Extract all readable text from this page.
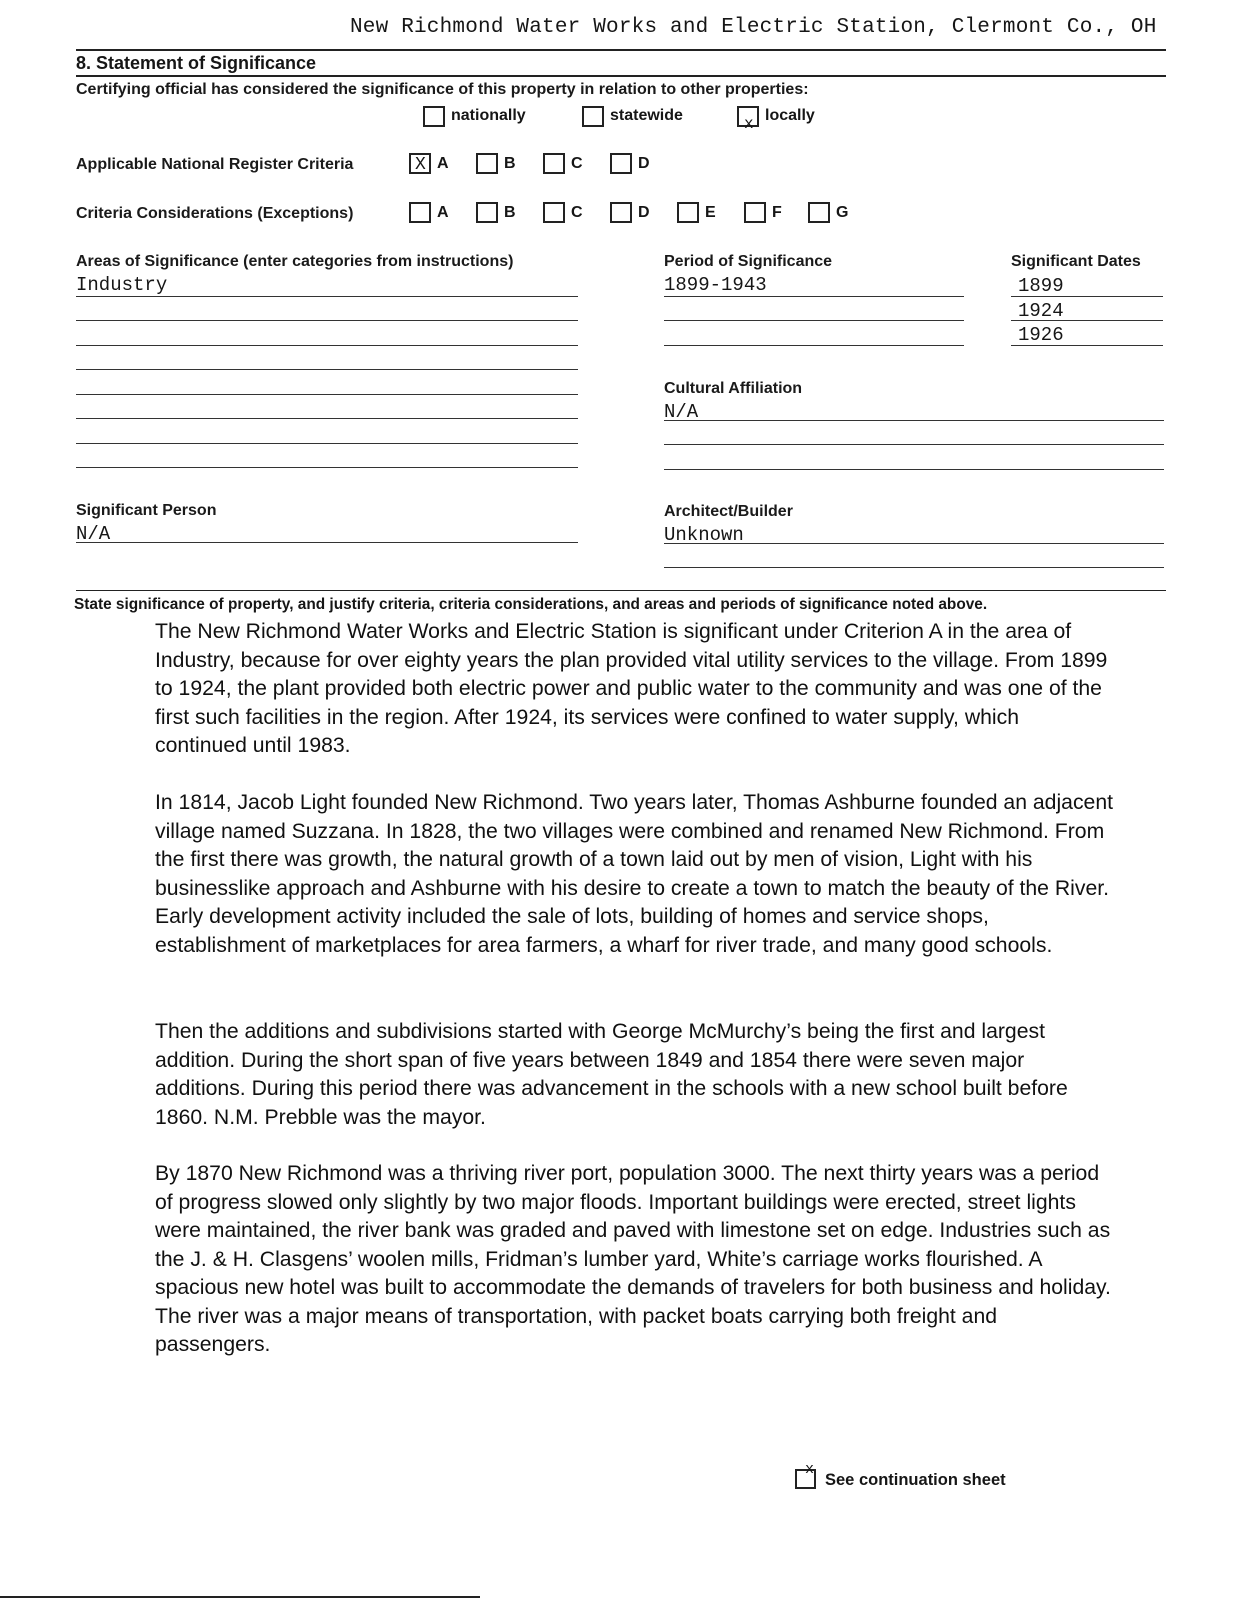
New Richmond Water Works and Electric Station, Clermont Co., OH
8. Statement of Significance
Certifying official has considered the significance of this property in relation to other properties:
nationally	statewide	x locally
Applicable National Register Criteria	X A	B	C	D
Criteria Considerations (Exceptions)	A	B	C	D	E	F	G
Areas of Significance (enter categories from instructions)
Industry
Period of Significance
1899-1943
Significant Dates
1899
1924
1926
Cultural Affiliation
N/A
Significant Person
N/A
Architect/Builder
Unknown
State significance of property, and justify criteria, criteria considerations, and areas and periods of significance noted above.

The New Richmond Water Works and Electric Station is significant under Criterion A in the area of Industry, because for over eighty years the plan provided vital utility services to the village. From 1899 to 1924, the plant provided both electric power and public water to the community and was one of the first such facilities in the region. After 1924, its services were confined to water supply, which continued until 1983.

In 1814, Jacob Light founded New Richmond. Two years later, Thomas Ashburne founded an adjacent village named Suzzana. In 1828, the two villages were combined and renamed New Richmond. From the first there was growth, the natural growth of a town laid out by men of vision, Light with his businesslike approach and Ashburne with his desire to create a town to match the beauty of the River. Early development activity included the sale of lots, building of homes and service shops, establishment of marketplaces for area farmers, a wharf for river trade, and many good schools.

Then the additions and subdivisions started with George McMurchy’s being the first and largest addition. During the short span of five years between 1849 and 1854 there were seven major additions. During this period there was advancement in the schools with a new school built before 1860. N.M. Prebble was the mayor.

By 1870 New Richmond was a thriving river port, population 3000. The next thirty years was a period of progress slowed only slightly by two major floods. Important buildings were erected, street lights were maintained, the river bank was graded and paved with limestone set on edge. Industries such as the J. & H. Clasgens’ woolen mills, Fridman’s lumber yard, White’s carriage works flourished. A spacious new hotel was built to accommodate the demands of travelers for both business and holiday. The river was a major means of transportation, with packet boats carrying both freight and passengers.

x
See continuation sheet
